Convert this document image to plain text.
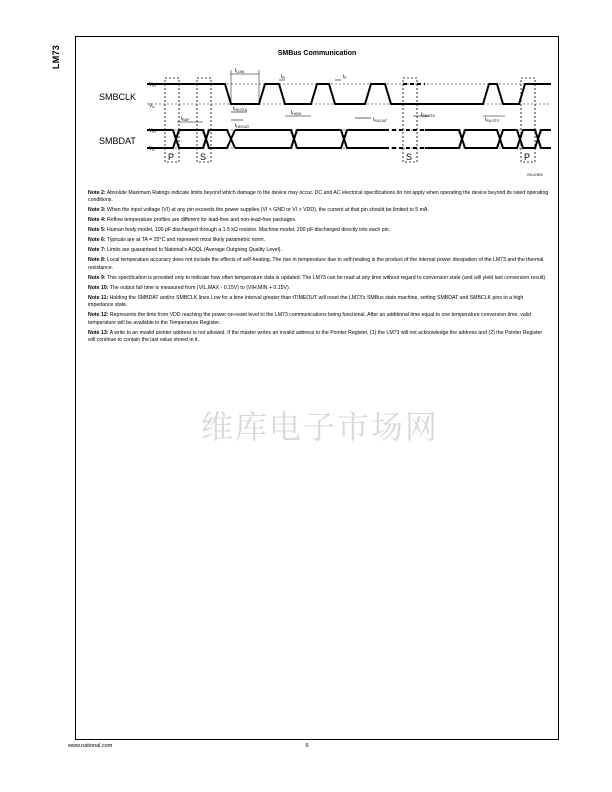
LM73	SMBus Communication
SMBCLK
SMBDAT
$V_{IH}$
$V_{IL}$
$V_{IH}$
$V_{IL}$
$t_{LOW}$
$t_R$	$t_F$
$t_{BUF}$
$t_{HD;STA}$
$t_{HD;DAT}$
$t_{HIGH}$
$t_{SU;DAT}$
$t_{SU;STA}$
$t_{SU;STO}$
P	S	S	P
20147809

Note 2: Absolute Maximum Ratings indicate limits beyond which damage to the device may occur. DC and AC electrical specifications do not apply when operating the device beyond its rated operating conditions.

Note 3: When the input voltage (VI) at any pin exceeds the power supplies (VI < GND or VI > VDD), the current at that pin should be limited to 5 mA.

Note 4: Reflow temperature profiles are different for lead-free and non-lead-free packages.

Note 5: Human body model, 100 pF discharged through a 1.5 kΩ resistor. Machine model, 200 pF discharged directly into each pin.

Note 6: Typicals are at TA = 25°C and represent most likely parametric norm.

Note 7: Limits are guaranteed to National's AOQL (Average Outgoing Quality Level).

Note 8: Local temperature accuracy does not include the effects of self-heating. The rise in temperature due to self-heating is the product of the internal power dissipation of the LM73 and the thermal resistance.

Note 9: This specification is provided only to indicate how often temperature data is updated. The LM73 can be read at any time without regard to conversion state (and will yield last conversion result).

Note 10: The output fall time is measured from (VIL,MAX - 0.15V) to (VIH,MIN + 0.15V).

Note 11: Holding the SMBDAT and/or SMBCLK lines Low for a time interval greater than tTIMEOUT will reset the LM73's SMBus state machine, setting SMBDAT and SMBCLK pins to a high impedance state.

Note 12: Represents the time from VDD reaching the power-on-reset level to the LM73 communications being functional. After an additional time equal to one temperature conversion time, valid temperature will be available in the Temperature Register.

Note 13: A write to an invalid pointer address is not allowed. If the master writes an invalid address to the Pointer Register, (1) the LM73 will not acknowledge the address and (2) the Pointer Register will continue to contain the last value stored in it.

维库电子市场网
www.national.com	6
